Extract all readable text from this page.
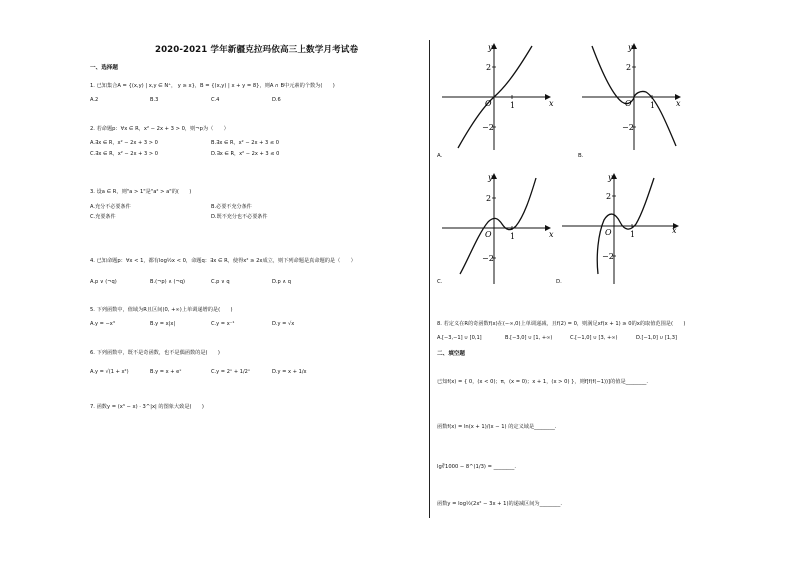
2020-2021 学年新疆克拉玛依高三上数学月考试卷
一、选择题
1. 已知集合A = {(x,y) | x,y ∈ N⁺， y ≥ x}，B = {(x,y) | x + y = 8}，则A ∩ B中元素的个数为(　　)
A.2	B.3	C.4	D.6
2. 若命题p：∀x ∈ R，x² − 2x + 3 > 0，则¬p为（　　）
A.∃x ∈ R，x² − 2x + 3 > 0	B.∃x ∈ R，x² − 2x + 3 ≤ 0
C.∃x ∈ R，x² − 2x + 3 > 0	D.∃x ∈ R，x² − 2x + 3 ≤ 0
3. 设a ∈ R，则"a > 1"是"a² > a"的(　　)
A.充分不必要条件	B.必要不充分条件
C.充要条件	D.既不充分也不必要条件
4. 已知命题p：∀x < 1，都有log½x < 0，命题q：∃x ∈ R，使得x² ≥ 2x成立，则下列命题是真命题的是（　　）
A.p ∨ (¬q)	B.(¬p) ∧ (¬q)	C.p ∨ q	D.p ∧ q
5. 下列函数中，值域为R且区间(0, +∞)上单调递增的是(　　)
A.y = −x³	B.y = x|x|	C.y = x⁻¹	D.y = √x
6. 下列函数中，既不是奇函数，也不是偶函数的是(　　)
A.y = √(1 + x²)	B.y = x + eˣ	C.y = 2ˣ + 1/2ˣ	D.y = x + 1/x
7. 函数y = (x³ − x) · 3^|x| 的图象大致是(　　)
y
x
2
−2
O 1
y
x
2
−2
O 1
y
x
2
−2
O 1
y
x
2
−2
O 1
A.	B.
C.	D.
8. 若定义在R的奇函数f(x)在(−∞,0)上单调递减，且f(2) = 0，则满足xf(x + 1) ≥ 0的x的取值范围是(　　)
A.[−3,−1] ∪ [0,1]	B.[−3,0] ∪ [1, +∞)	C.[−1,0] ∪ [3, +∞)	D.[−1,0] ∪ [1,3]
二、填空题
已知f(x) = { 0，(x < 0)；π，(x = 0)；x + 1，(x > 0) }，则f[f(f(−1))]的值是________.
函数f(x) = ln(x + 1)/(x − 1) 的定义域是________.
lg∛1000 − 8^(1/3) = ________.
函数y = log½(2x² − 3x + 1)的递减区间为________.
